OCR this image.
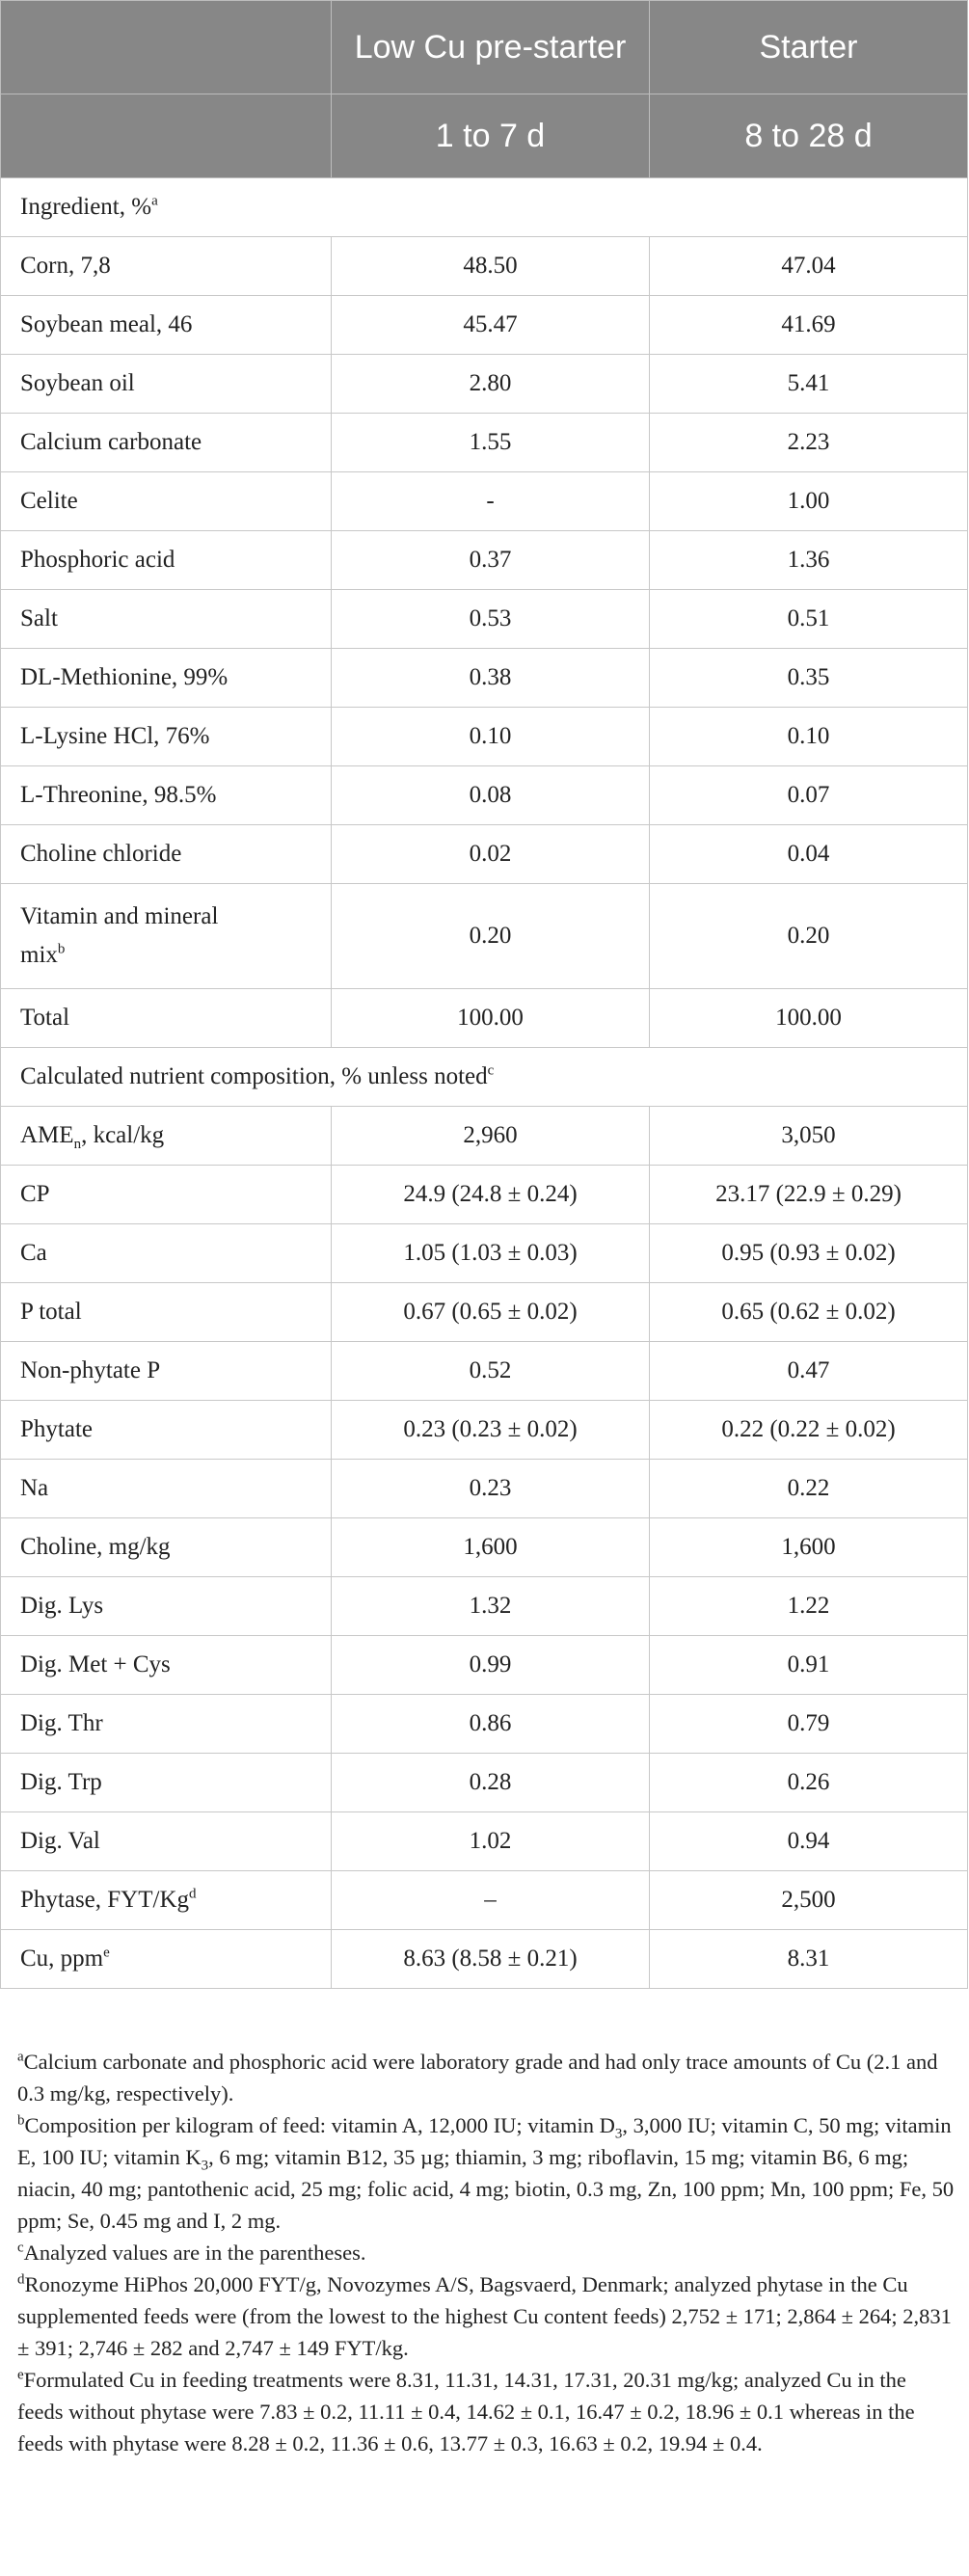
	Low Cu pre-starter	Starter
	1 to 7 d	8 to 28 d
Ingredient, %$^a$
Corn, 7,8	48.50	47.04
Soybean meal, 46	45.47	41.69
Soybean oil	2.80	5.41
Calcium carbonate	1.55	2.23
Celite	-	1.00
Phosphoric acid	0.37	1.36
Salt	0.53	0.51
DL-Methionine, 99%	0.38	0.35
L-Lysine HCl, 76%	0.10	0.10
L-Threonine, 98.5%	0.08	0.07
Choline chloride	0.02	0.04
Vitamin and mineral
mix$^b$	0.20	0.20
Total	100.00	100.00
Calculated nutrient composition, % unless noted$^c$
$AME_n$, kcal/kg	2,960	3,050
CP	24.9 (24.8 ± 0.24)	23.17 (22.9 ± 0.29)
Ca	1.05 (1.03 ± 0.03)	0.95 (0.93 ± 0.02)
P total	0.67 (0.65 ± 0.02)	0.65 (0.62 ± 0.02)
Non-phytate P	0.52	0.47
Phytate	0.23 (0.23 ± 0.02)	0.22 (0.22 ± 0.02)
Na	0.23	0.22
Choline, mg/kg	1,600	1,600
Dig. Lys	1.32	1.22
Dig. Met + Cys	0.99	0.91
Dig. Thr	0.86	0.79
Dig. Trp	0.28	0.26
Dig. Val	1.02	0.94
Phytase, FYT/Kg$^d$	–	2,500
Cu, ppm$^e$	8.63 (8.58 ± 0.21)	8.31

$^a$Calcium carbonate and phosphoric acid were laboratory grade and had only trace amounts of Cu (2.1 and 0.3 mg/kg, respectively).

$^b$Composition per kilogram of feed: vitamin A, 12,000 IU; vitamin $D_3$, 3,000 IU; vitamin C, 50 mg; vitamin E, 100 IU; vitamin $K_3$, 6 mg; vitamin B12, 35 µg; thiamin, 3 mg; riboflavin, 15 mg; vitamin B6, 6 mg; niacin, 40 mg; pantothenic acid, 25 mg; folic acid, 4 mg; biotin, 0.3 mg, Zn, 100 ppm; Mn, 100 ppm; Fe, 50 ppm; Se, 0.45 mg and I, 2 mg.

$^c$Analyzed values are in the parentheses.

$^d$Ronozyme HiPhos 20,000 FYT/g, Novozymes A/S, Bagsvaerd, Denmark; analyzed phytase in the Cu supplemented feeds were (from the lowest to the highest Cu content feeds) 2,752 ± 171; 2,864 ± 264; 2,831 ± 391; 2,746 ± 282 and 2,747 ± 149 FYT/kg.

$^e$Formulated Cu in feeding treatments were 8.31, 11.31, 14.31, 17.31, 20.31 mg/kg; analyzed Cu in the feeds without phytase were 7.83 ± 0.2, 11.11 ± 0.4, 14.62 ± 0.1, 16.47 ± 0.2, 18.96 ± 0.1 whereas in the feeds with phytase were 8.28 ± 0.2, 11.36 ± 0.6, 13.77 ± 0.3, 16.63 ± 0.2, 19.94 ± 0.4.
